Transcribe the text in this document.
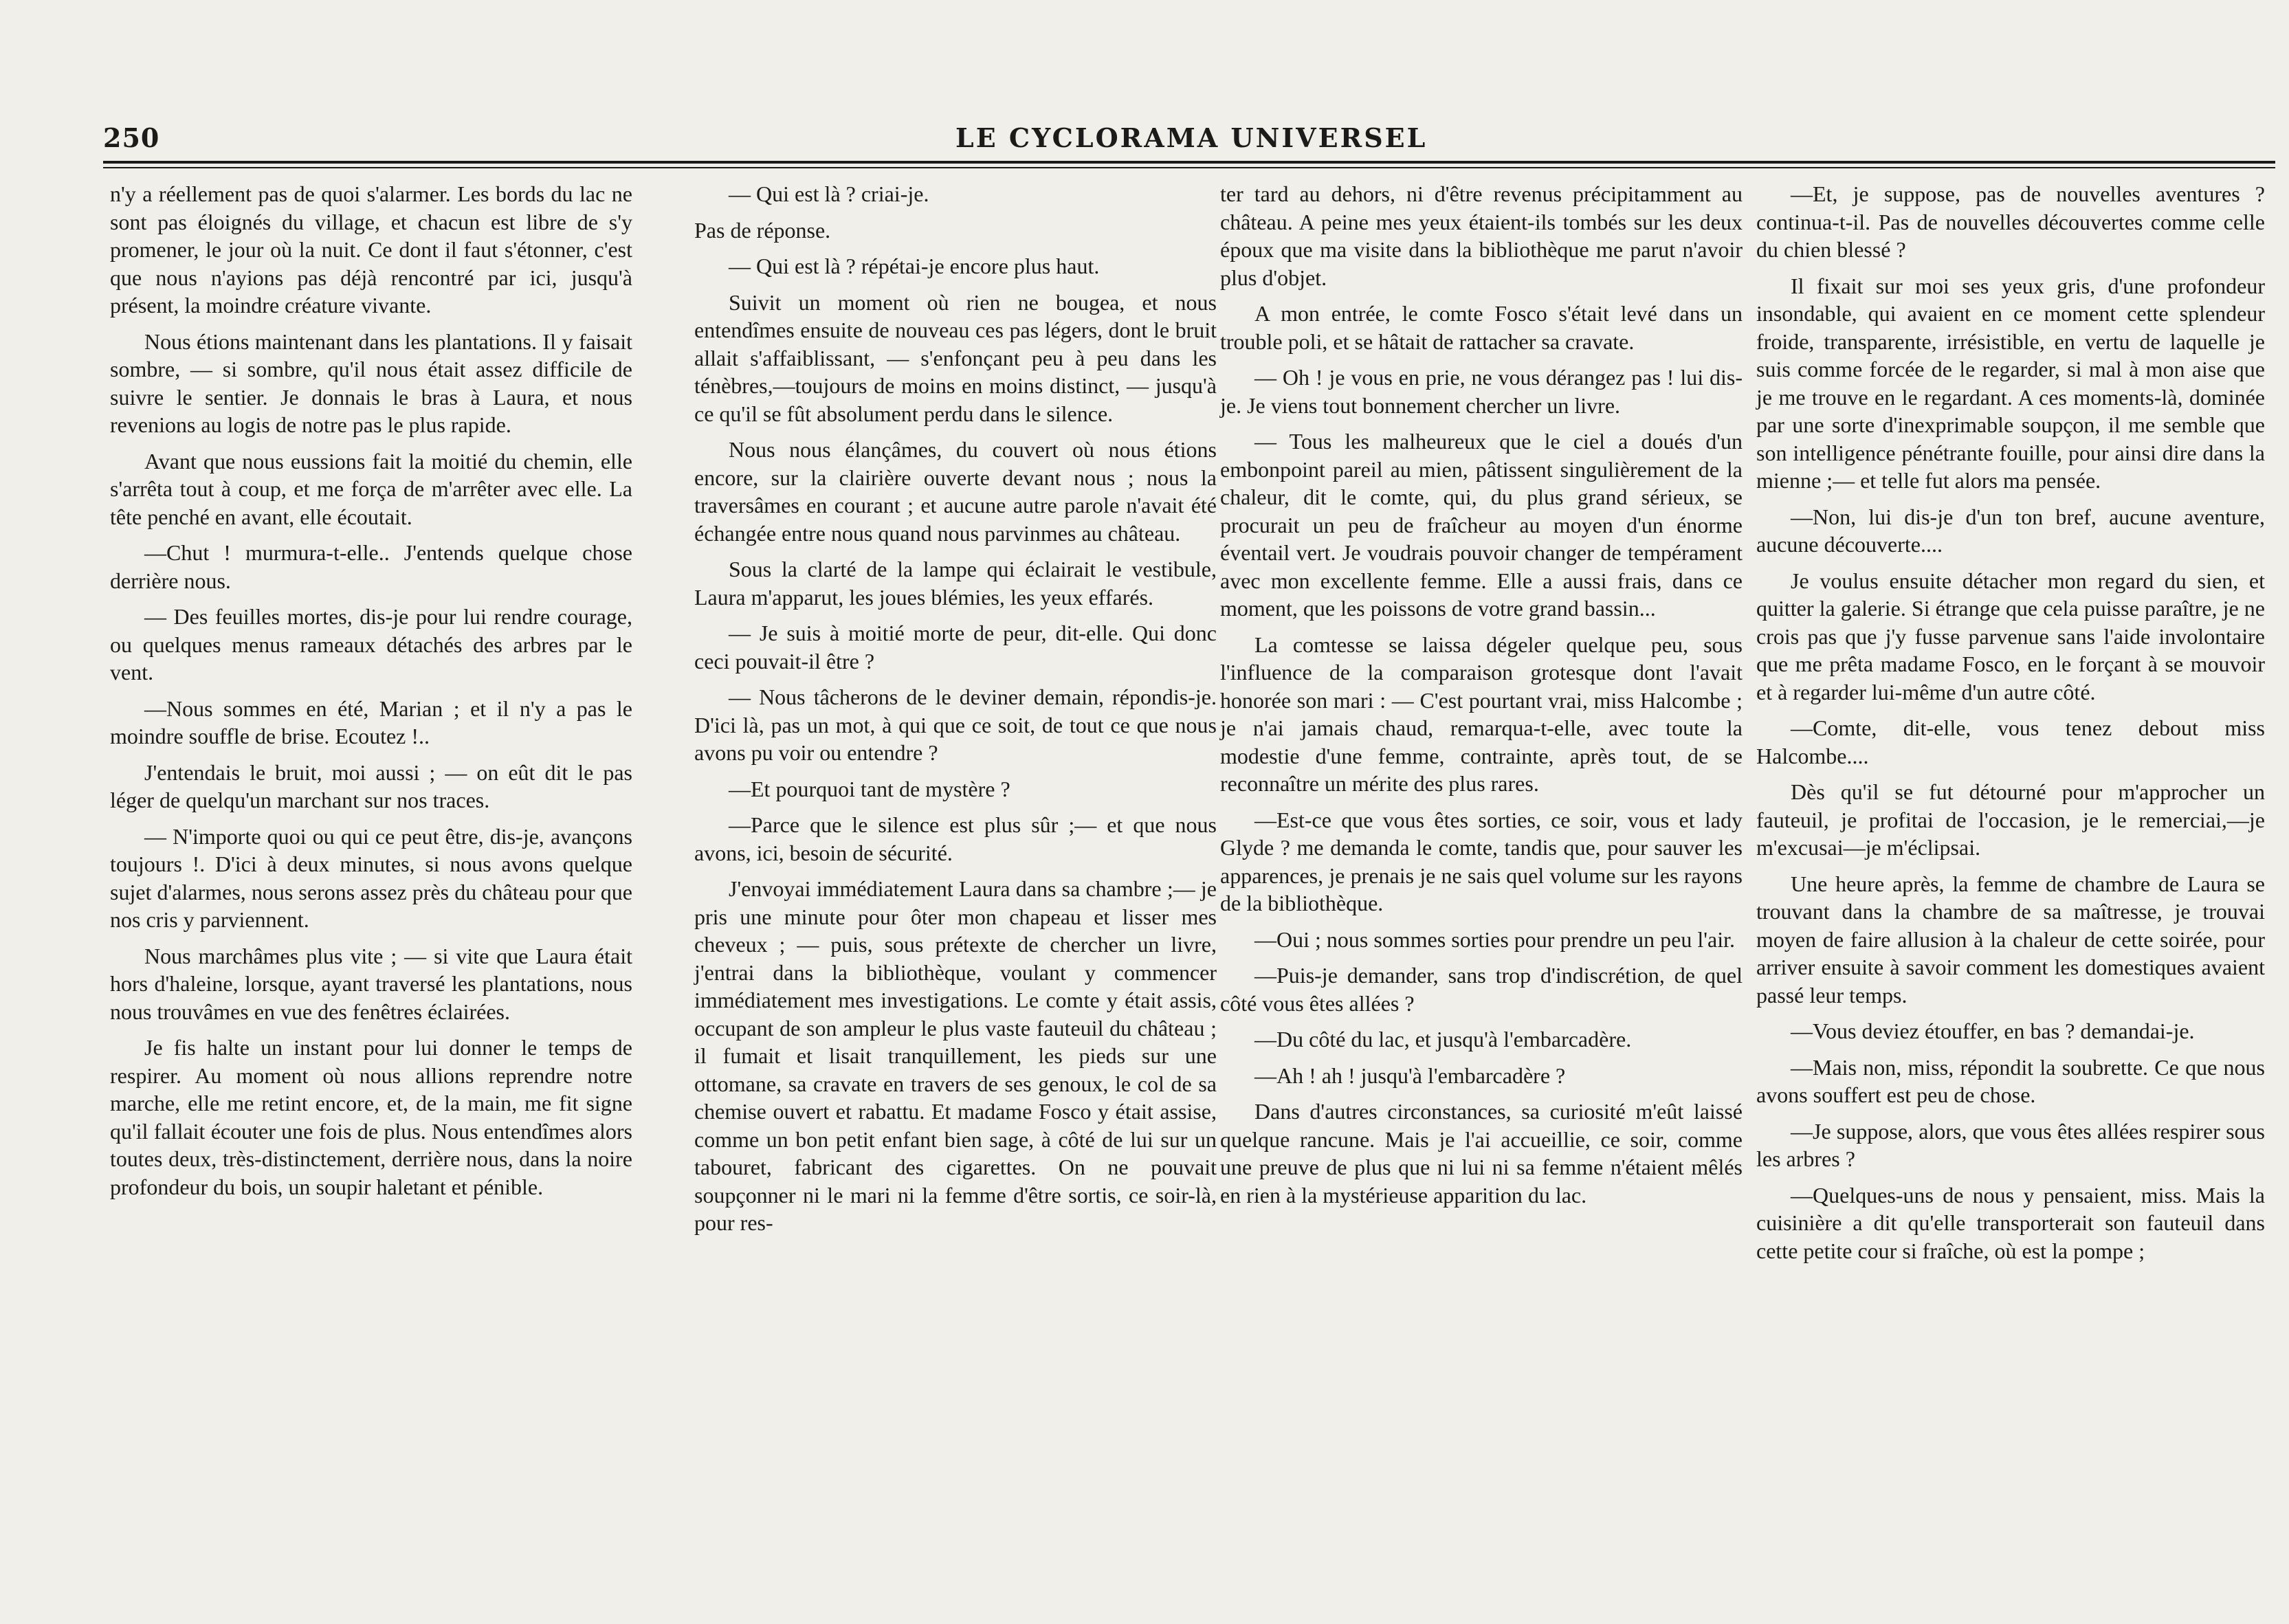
250	LE CYCLORAMA UNIVERSEL

n'y a réellement pas de quoi s'alarmer. Les bords du lac ne sont pas éloignés du village, et chacun est libre de s'y promener, le jour où la nuit. Ce dont il faut s'étonner, c'est que nous n'ayions pas déjà rencontré par ici, jusqu'à présent, la moindre créature vivante.

Nous étions maintenant dans les plantations. Il y faisait sombre, — si sombre, qu'il nous était assez difficile de suivre le sentier. Je donnais le bras à Laura, et nous revenions au logis de notre pas le plus rapide.

Avant que nous eussions fait la moitié du chemin, elle s'arrêta tout à coup, et me força de m'arrêter avec elle. La tête penché en avant, elle écoutait.

—Chut ! murmura-t-elle.. J'entends quelque chose derrière nous.

— Des feuilles mortes, dis-je pour lui rendre courage, ou quelques menus rameaux détachés des arbres par le vent.

—Nous sommes en été, Marian ; et il n'y a pas le moindre souffle de brise. Ecoutez !..

J'entendais le bruit, moi aussi ; — on eût dit le pas léger de quelqu'un marchant sur nos traces.

— N'importe quoi ou qui ce peut être, dis-je, avançons toujours !. D'ici à deux minutes, si nous avons quelque sujet d'alarmes, nous serons assez près du château pour que nos cris y parviennent.

Nous marchâmes plus vite ; — si vite que Laura était hors d'haleine, lorsque, ayant traversé les plantations, nous nous trouvâmes en vue des fenêtres éclairées.

Je fis halte un instant pour lui donner le temps de respirer. Au moment où nous allions reprendre notre marche, elle me retint encore, et, de la main, me fit signe qu'il fallait écouter une fois de plus. Nous entendîmes alors toutes deux, très-distinctement, derrière nous, dans la noire profondeur du bois, un soupir haletant et pénible.

— Qui est là ? criai-je.

Pas de réponse.

— Qui est là ? répétai-je encore plus haut.

Suivit un moment où rien ne bougea, et nous entendîmes ensuite de nouveau ces pas légers, dont le bruit allait s'affaiblissant, — s'enfonçant peu à peu dans les ténèbres,—toujours de moins en moins distinct, — jusqu'à ce qu'il se fût absolument perdu dans le silence.

Nous nous élançâmes, du couvert où nous étions encore, sur la clairière ouverte devant nous ; nous la traversâmes en courant ; et aucune autre parole n'avait été échangée entre nous quand nous parvinmes au château.

Sous la clarté de la lampe qui éclairait le vestibule, Laura m'apparut, les joues blémies, les yeux effarés.

— Je suis à moitié morte de peur, dit-elle. Qui donc ceci pouvait-il être ?

— Nous tâcherons de le deviner demain, répondis-je. D'ici là, pas un mot, à qui que ce soit, de tout ce que nous avons pu voir ou entendre ?

—Et pourquoi tant de mystère ?

—Parce que le silence est plus sûr ;— et que nous avons, ici, besoin de sécurité.

J'envoyai immédiatement Laura dans sa chambre ;— je pris une minute pour ôter mon chapeau et lisser mes cheveux ; — puis, sous prétexte de chercher un livre, j'entrai dans la bibliothèque, voulant y commencer immédiatement mes investigations. Le comte y était assis, occupant de son ampleur le plus vaste fauteuil du château ; il fumait et lisait tranquillement, les pieds sur une ottomane, sa cravate en travers de ses genoux, le col de sa chemise ouvert et rabattu. Et madame Fosco y était assise, comme un bon petit enfant bien sage, à côté de lui sur un tabouret, fabricant des cigarettes. On ne pouvait soupçonner ni le mari ni la femme d'être sortis, ce soir-là, pour res-

ter tard au dehors, ni d'être revenus précipitamment au château. A peine mes yeux étaient-ils tombés sur les deux époux que ma visite dans la bibliothèque me parut n'avoir plus d'objet.

A mon entrée, le comte Fosco s'était levé dans un trouble poli, et se hâtait de rattacher sa cravate.

— Oh ! je vous en prie, ne vous dérangez pas ! lui dis-je. Je viens tout bonnement chercher un livre.

— Tous les malheureux que le ciel a doués d'un embonpoint pareil au mien, pâtissent singulièrement de la chaleur, dit le comte, qui, du plus grand sérieux, se procurait un peu de fraîcheur au moyen d'un énorme éventail vert. Je voudrais pouvoir changer de tempérament avec mon excellente femme. Elle a aussi frais, dans ce moment, que les poissons de votre grand bassin...

La comtesse se laissa dégeler quelque peu, sous l'influence de la comparaison grotesque dont l'avait honorée son mari : — C'est pourtant vrai, miss Halcombe ; je n'ai jamais chaud, remarqua-t-elle, avec toute la modestie d'une femme, contrainte, après tout, de se reconnaître un mérite des plus rares.

—Est-ce que vous êtes sorties, ce soir, vous et lady Glyde ? me demanda le comte, tandis que, pour sauver les apparences, je prenais je ne sais quel volume sur les rayons de la bibliothèque.

—Oui ; nous sommes sorties pour prendre un peu l'air.

—Puis-je demander, sans trop d'indiscrétion, de quel côté vous êtes allées ?

—Du côté du lac, et jusqu'à l'embarcadère.

—Ah ! ah ! jusqu'à l'embarcadère ?

Dans d'autres circonstances, sa curiosité m'eût laissé quelque rancune. Mais je l'ai accueillie, ce soir, comme une preuve de plus que ni lui ni sa femme n'étaient mêlés en rien à la mystérieuse apparition du lac.

—Et, je suppose, pas de nouvelles aventures ? continua-t-il. Pas de nouvelles découvertes comme celle du chien blessé ?

Il fixait sur moi ses yeux gris, d'une profondeur insondable, qui avaient en ce moment cette splendeur froide, transparente, irrésistible, en vertu de laquelle je suis comme forcée de le regarder, si mal à mon aise que je me trouve en le regardant. A ces moments-là, dominée par une sorte d'inexprimable soupçon, il me semble que son intelligence pénétrante fouille, pour ainsi dire dans la mienne ;— et telle fut alors ma pensée.

—Non, lui dis-je d'un ton bref, aucune aventure, aucune découverte....

Je voulus ensuite détacher mon regard du sien, et quitter la galerie. Si étrange que cela puisse paraître, je ne crois pas que j'y fusse parvenue sans l'aide involontaire que me prêta madame Fosco, en le forçant à se mouvoir et à regarder lui-même d'un autre côté.

—Comte, dit-elle, vous tenez debout miss Halcombe....

Dès qu'il se fut détourné pour m'approcher un fauteuil, je profitai de l'occasion, je le remerciai,—je m'excusai—je m'éclipsai.

Une heure après, la femme de chambre de Laura se trouvant dans la chambre de sa maîtresse, je trouvai moyen de faire allusion à la chaleur de cette soirée, pour arriver ensuite à savoir comment les domestiques avaient passé leur temps.

—Vous deviez étouffer, en bas ? demandai-je.

—Mais non, miss, répondit la soubrette. Ce que nous avons souffert est peu de chose.

—Je suppose, alors, que vous êtes allées respirer sous les arbres ?

—Quelques-uns de nous y pensaient, miss. Mais la cuisinière a dit qu'elle transporterait son fauteuil dans cette petite cour si fraîche, où est la pompe ;
